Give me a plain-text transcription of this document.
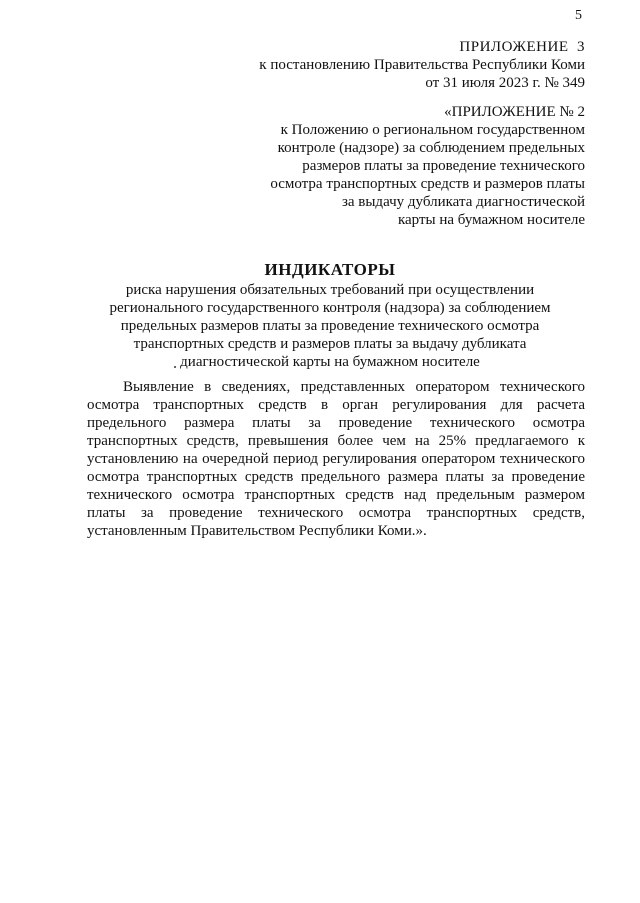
5
ПРИЛОЖЕНИЕ  3
к постановлению Правительства Республики Коми
от 31 июля 2023 г. № 349
«ПРИЛОЖЕНИЕ № 2
к Положению о региональном государственном
контроле (надзоре) за соблюдением предельных
размеров платы за проведение технического
осмотра транспортных средств и размеров платы
за выдачу дубликата диагностической
карты на бумажном носителе
ИНДИКАТОРЫ
риска нарушения обязательных требований при осуществлении
регионального государственного контроля (надзора) за соблюдением
предельных размеров платы за проведение технического осмотра
транспортных средств и размеров платы за выдачу дубликата
диагностической карты на бумажном носителе
Выявление в сведениях, представленных оператором технического
осмотра транспортных средств в орган регулирования для расчета
предельного размера платы за проведение технического осмотра
транспортных средств, превышения более чем на 25% предлагаемого к
установлению на очередной период регулирования оператором технического
осмотра транспортных средств предельного размера платы за проведение
технического осмотра транспортных средств над предельным размером
платы за проведение технического осмотра транспортных средств,
установленным Правительством Республики Коми.».
